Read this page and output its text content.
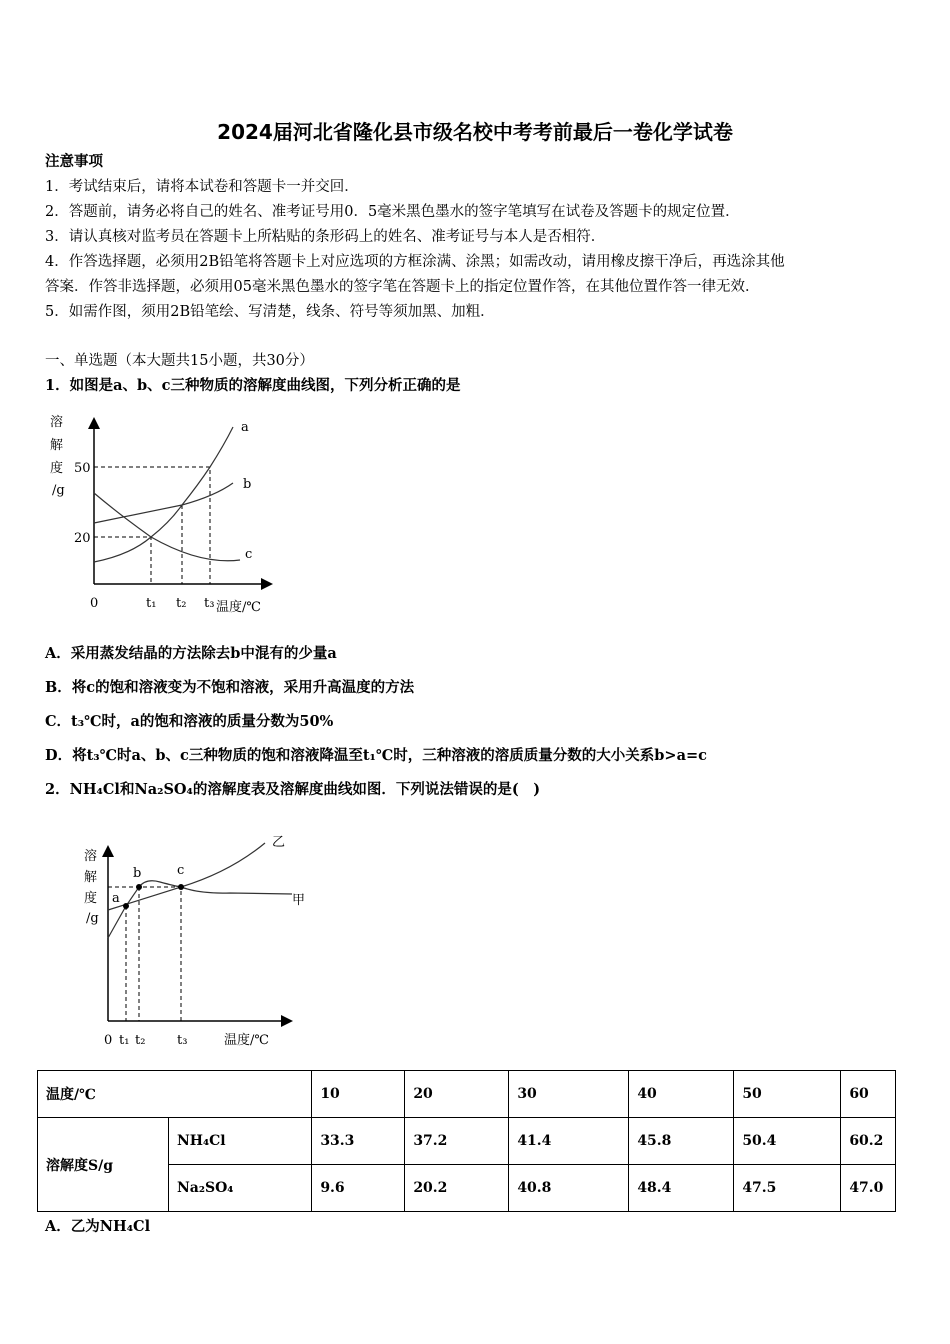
2024届河北省隆化县市级名校中考考前最后一卷化学试卷
注意事项
1．考试结束后，请将本试卷和答题卡一并交回．
2．答题前，请务必将自己的姓名、准考证号用0．5毫米黑色墨水的签字笔填写在试卷及答题卡的规定位置．
3．请认真核对监考员在答题卡上所粘贴的条形码上的姓名、准考证号与本人是否相符．
4．作答选择题，必须用2B铅笔将答题卡上对应选项的方框涂满、涂黑；如需改动，请用橡皮擦干净后，再选涂其他
答案．作答非选择题，必须用05毫米黑色墨水的签字笔在答题卡上的指定位置作答，在其他位置作答一律无效．
5．如需作图，须用2B铅笔绘、写清楚，线条、符号等须加黑、加粗．
一、单选题（本大题共15小题，共30分）
1．如图是a、b、c三种物质的溶解度曲线图，下列分析正确的是
溶
解
度
/g
50
20
0	t₁ t₂ t₃ 温度/℃
a
b
c
溶
解
度
/g
a
b	c
乙
甲
0 t₁ t₂ t₃	温度/℃
A．采用蒸发结晶的方法除去b中混有的少量a
B．将c的饱和溶液变为不饱和溶液，采用升高温度的方法
C．t₃℃时，a的饱和溶液的质量分数为50%
D．将t₃℃时a、b、c三种物质的饱和溶液降温至t₁℃时，三种溶液的溶质质量分数的大小关系b>a=c
2．NH₄Cl和Na₂SO₄的溶解度表及溶解度曲线如图．下列说法错误的是(　)
温度/℃		10	20	30	40	50	60
溶解度S/g	NH₄Cl	33.3	37.2	41.4	45.8	50.4	60.2
	Na₂SO₄	9.6	20.2	40.8	48.4	47.5	47.0
A．乙为NH₄Cl
